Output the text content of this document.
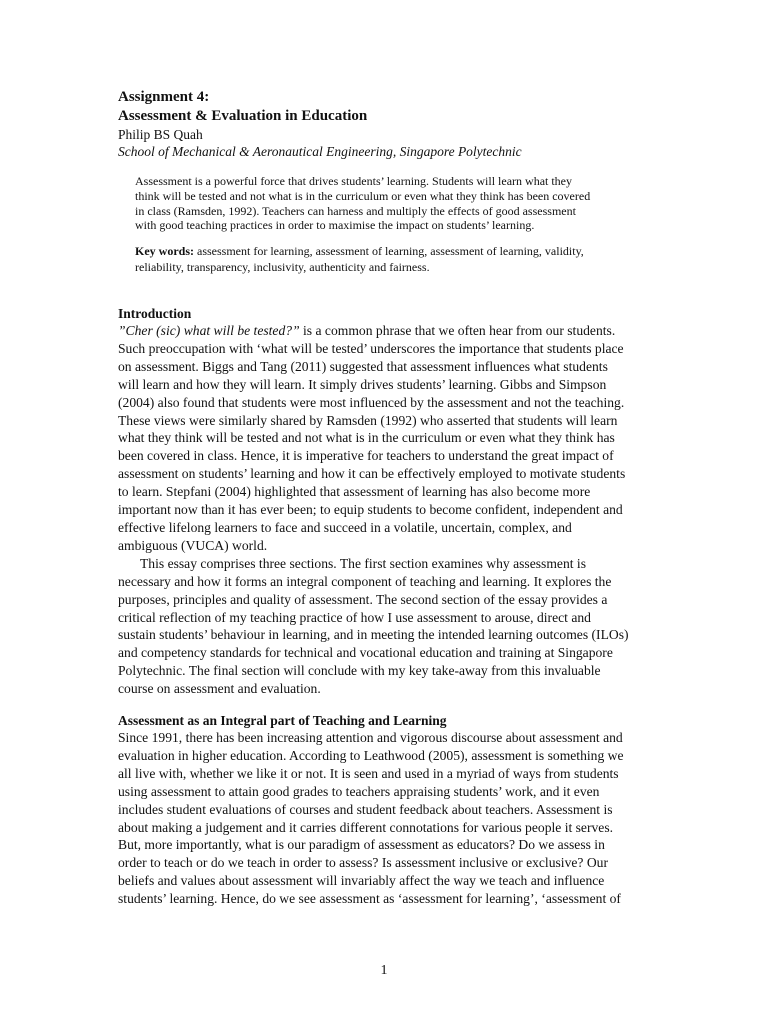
Assignment 4:
Assessment & Evaluation in Education
Philip BS Quah
School of Mechanical & Aeronautical Engineering, Singapore Polytechnic
Assessment is a powerful force that drives students’ learning. Students will learn what they
think will be tested and not what is in the curriculum or even what they think has been covered
in class (Ramsden, 1992). Teachers can harness and multiply the effects of good assessment
with good teaching practices in order to maximise the impact on students’ learning.
Key words: assessment for learning, assessment of learning, assessment of learning, validity,
reliability, transparency, inclusivity, authenticity and fairness.
Introduction
”Cher (sic) what will be tested?” is a common phrase that we often hear from our students.
Such preoccupation with ‘what will be tested’ underscores the importance that students place
on assessment. Biggs and Tang (2011) suggested that assessment influences what students
will learn and how they will learn. It simply drives students’ learning. Gibbs and Simpson
(2004) also found that students were most influenced by the assessment and not the teaching.
These views were similarly shared by Ramsden (1992) who asserted that students will learn
what they think will be tested and not what is in the curriculum or even what they think has
been covered in class. Hence, it is imperative for teachers to understand the great impact of
assessment on students’ learning and how it can be effectively employed to motivate students
to learn. Stepfani (2004) highlighted that assessment of learning has also become more
important now than it has ever been; to equip students to become confident, independent and
effective lifelong learners to face and succeed in a volatile, uncertain, complex, and
ambiguous (VUCA) world.
This essay comprises three sections. The first section examines why assessment is
necessary and how it forms an integral component of teaching and learning. It explores the
purposes, principles and quality of assessment. The second section of the essay provides a
critical reflection of my teaching practice of how I use assessment to arouse, direct and
sustain students’ behaviour in learning, and in meeting the intended learning outcomes (ILOs)
and competency standards for technical and vocational education and training at Singapore
Polytechnic. The final section will conclude with my key take-away from this invaluable
course on assessment and evaluation.
Assessment as an Integral part of Teaching and Learning
Since 1991, there has been increasing attention and vigorous discourse about assessment and
evaluation in higher education. According to Leathwood (2005), assessment is something we
all live with, whether we like it or not. It is seen and used in a myriad of ways from students
using assessment to attain good grades to teachers appraising students’ work, and it even
includes student evaluations of courses and student feedback about teachers. Assessment is
about making a judgement and it carries different connotations for various people it serves.
But, more importantly, what is our paradigm of assessment as educators? Do we assess in
order to teach or do we teach in order to assess? Is assessment inclusive or exclusive? Our
beliefs and values about assessment will invariably affect the way we teach and influence
students’ learning. Hence, do we see assessment as ‘assessment for learning’, ‘assessment of
1
